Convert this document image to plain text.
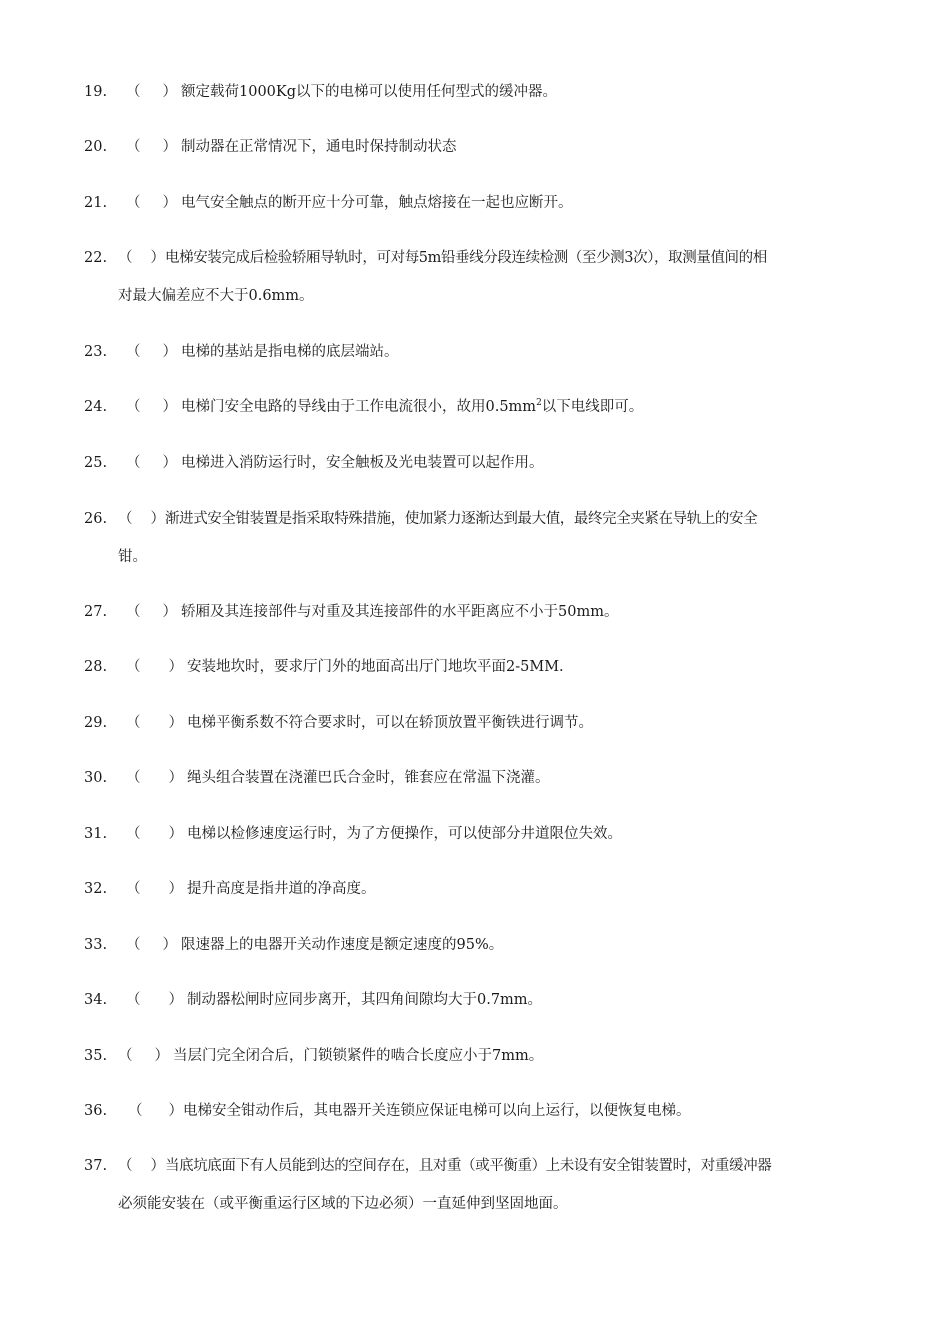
19. （ ） 额定载荷1000Kg以下的电梯可以使用任何型式的缓冲器。
20. （ ） 制动器在正常情况下，通电时保持制动状态
21. （ ） 电气安全触点的断开应十分可靠，触点熔接在一起也应断开。
22. （ ）电梯安装完成后检验轿厢导轨时，可对每5m铅垂线分段连续检测（至少测3次），取测量值间的相
对最大偏差应不大于0.6mm。
23. （ ） 电梯的基站是指电梯的底层端站。
24. （ ） 电梯门安全电路的导线由于工作电流很小，故用$0.5mm^2$以下电线即可。
25. （ ） 电梯进入消防运行时，安全触板及光电装置可以起作用。
26. （ ）渐进式安全钳装置是指采取特殊措施，使加紧力逐渐达到最大值，最终完全夹紧在导轨上的安全
钳。
27. （ ） 轿厢及其连接部件与对重及其连接部件的水平距离应不小于50mm。
28. （ ） 安装地坎时，要求厅门外的地面高出厅门地坎平面2-5MM.
29. （ ） 电梯平衡系数不符合要求时，可以在轿顶放置平衡铁进行调节。
30. （ ） 绳头组合装置在浇灌巴氏合金时，锥套应在常温下浇灌。
31. （ ） 电梯以检修速度运行时，为了方便操作，可以使部分井道限位失效。
32. （ ） 提升高度是指井道的净高度。
33. （ ） 限速器上的电器开关动作速度是额定速度的95%。
34. （ ） 制动器松闸时应同步离开，其四角间隙均大于0.7mm。
35. （ ） 当层门完全闭合后，门锁锁紧件的啮合长度应小于7mm。
36. （ ）电梯安全钳动作后，其电器开关连锁应保证电梯可以向上运行，以便恢复电梯。
37. （ ）当底坑底面下有人员能到达的空间存在，且对重（或平衡重）上未设有安全钳装置时，对重缓冲器
必须能安装在（或平衡重运行区域的下边必须）一直延伸到坚固地面。
